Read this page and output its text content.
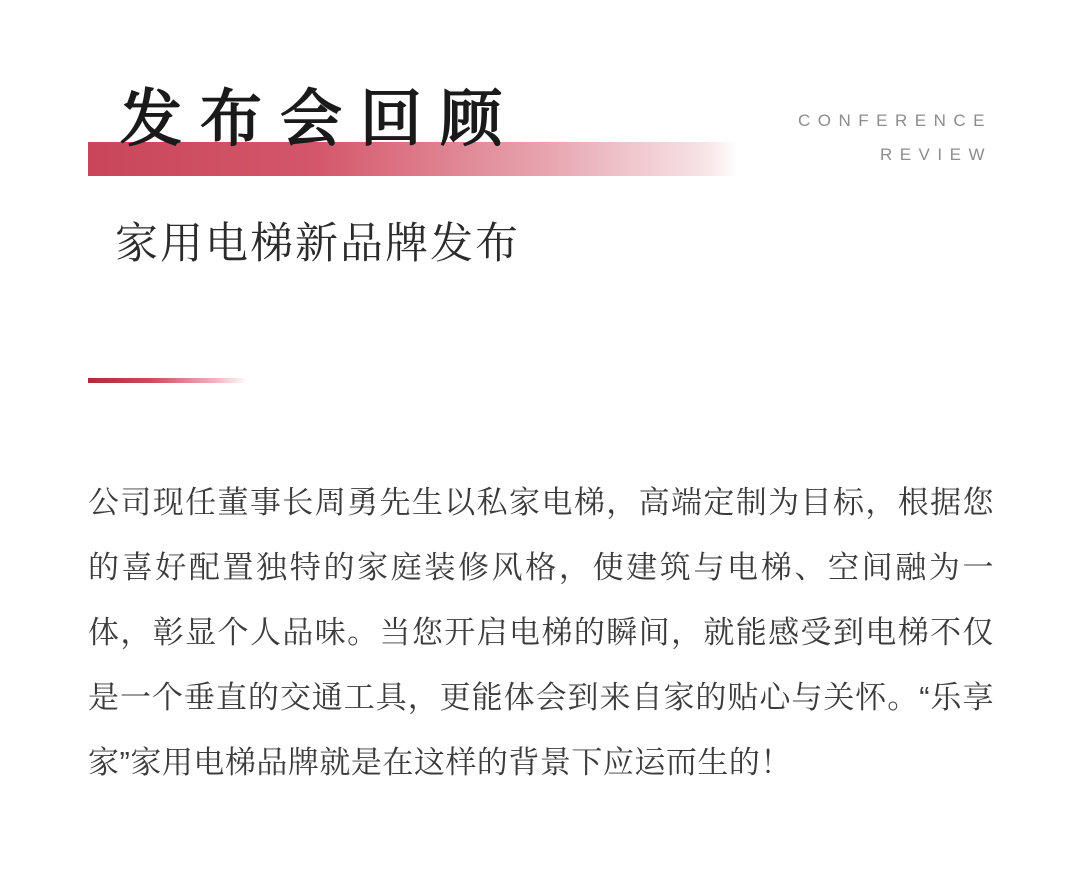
发布会回顾	CONFERENCE
REVIEW
家用电梯新品牌发布
公司现任董事长周勇先生以私家电梯，高端定制为目标，根据您的喜好配置独特的家庭装修风格，使建筑与电梯、空间融为一体，彰显个人品味。当您开启电梯的瞬间，就能感受到电梯不仅是一个垂直的交通工具，更能体会到来自家的贴心与关怀。“乐享家”家用电梯品牌就是在这样的背景下应运而生的！
